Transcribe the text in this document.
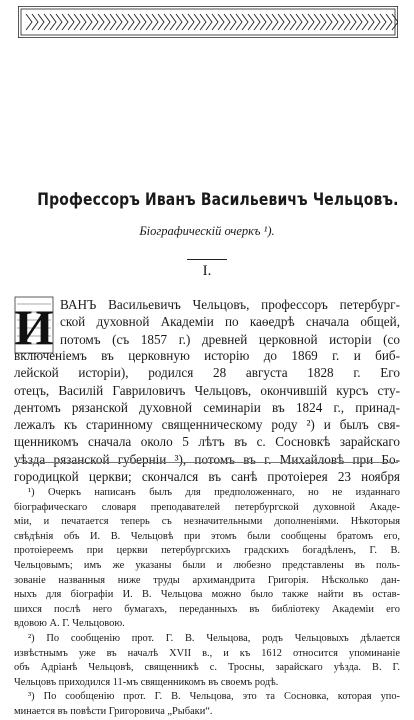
Профессоръ Иванъ Васильевичъ Чельцовъ.
Біографическій очеркъ ¹).
I.
И ВАНЪ Васильевичъ Чельцовъ, профессоръ петербург-
ской духовной Академіи по каѳедрѣ сначала общей,
потомъ (съ 1857 г.) древней церковной исторіи (со
включеніемъ въ церковную исторію до 1869 г. и биб-
лейской исторіи), родился 28 августа 1828 г. Его
отецъ, Василій Гавриловичъ Чельцовъ, окончившій курсъ сту-
дентомъ рязанской духовной семинаріи въ 1824 г., принад-
лежалъ къ старинному священническому роду ²) и былъ свя-
щенникомъ сначала около 5 лѣтъ въ с. Сосновкѣ зарайскаго
уѣзда рязанской губерніи ³), потомъ въ г. Михайловѣ при Бо-
городицкой церкви; скончался въ санѣ протоіерея 23 ноября
¹) Очеркъ написанъ былъ для предположеннаго, но не изданнаго
біографическаго словаря преподавателей петербургской духовной Акаде-
міи, и печатается теперь съ незначительными дополненіями. Нѣкоторыя
свѣдѣнія объ И. В. Чельцовѣ при этомъ были сообщены братомъ его,
протоіереемъ при церкви петербургскихъ градскихъ богадѣленъ, Г. В.
Чельцовымъ; имъ же указаны были и любезно представлены въ поль-
зованіе названныя ниже труды архимандрита Григорія. Нѣсколько дан-
ныхъ для біографіи И. В. Чельцова можно было также найти въ остав-
шихся послѣ него бумагахъ, переданныхъ въ библіотеку Академіи его
вдовою А. Г. Чельцовою.
²) По сообщенію прот. Г. В. Чельцова, родъ Чельцовыхъ дѣлается
извѣстнымъ уже въ началѣ XVII в., и къ 1612 относится упоминаніе
объ Адріанѣ Чельцовѣ, священникѣ с. Тросны, зарайскаго уѣзда. В. Г.
Чельцовъ приходился 11-мъ священникомъ въ своемъ родѣ.
³) По сообщенію прот. Г. В. Чельцова, это та Сосновка, которая упо-
минается въ повѣсти Григоровича „Рыбаки“.
